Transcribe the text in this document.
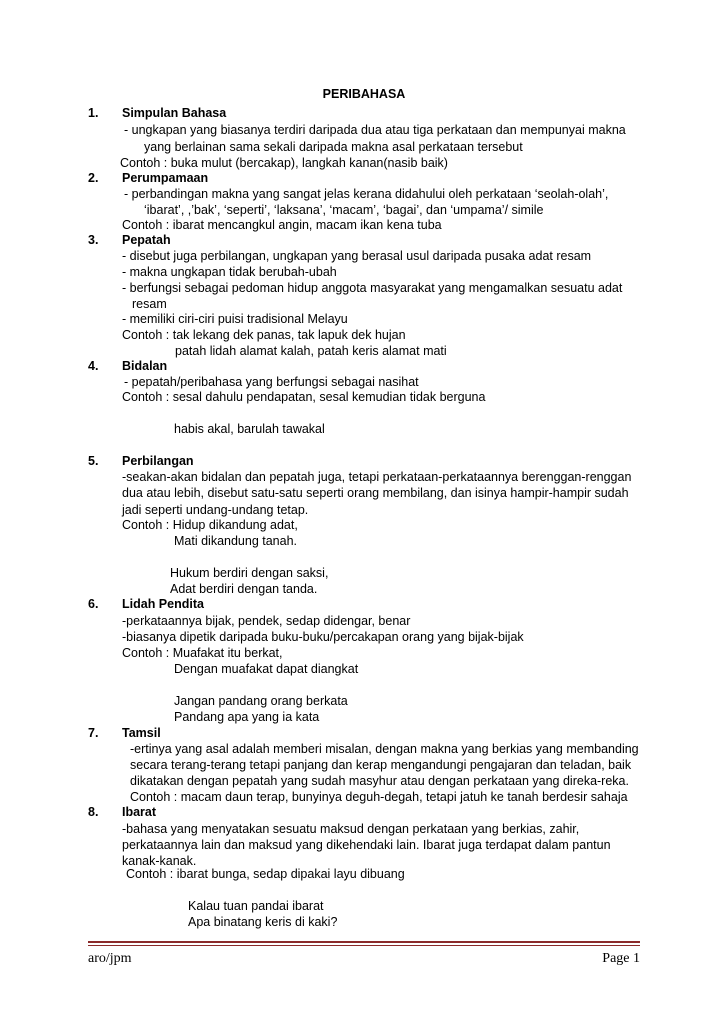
PERIBAHASA
1. Simpulan Bahasa
- ungkapan yang biasanya terdiri daripada dua atau tiga perkataan dan mempunyai makna
yang berlainan sama sekali daripada makna asal perkataan tersebut
Contoh : buka mulut (bercakap), langkah kanan(nasib baik)
2. Perumpamaan
- perbandingan makna yang sangat jelas kerana didahului oleh perkataan ‘seolah-olah’,
‘ibarat’, ,’bak’, ‘seperti’, ‘laksana’, ‘macam’, ‘bagai’, dan ‘umpama’/ simile
Contoh : ibarat mencangkul angin, macam ikan kena tuba
3. Pepatah
- disebut juga perbilangan, ungkapan yang berasal usul daripada pusaka adat resam
- makna ungkapan tidak berubah-ubah
- berfungsi sebagai pedoman hidup anggota masyarakat yang mengamalkan sesuatu adat
resam
- memiliki ciri-ciri puisi tradisional Melayu
Contoh : tak lekang dek panas, tak lapuk dek hujan
patah lidah alamat kalah, patah keris alamat mati
4. Bidalan
- pepatah/peribahasa yang berfungsi sebagai nasihat
Contoh : sesal dahulu pendapatan, sesal kemudian tidak berguna
habis akal, barulah tawakal
5. Perbilangan
-seakan-akan bidalan dan pepatah juga, tetapi perkataan-perkataannya berenggan-renggan
dua atau lebih, disebut satu-satu seperti orang membilang, dan isinya hampir-hampir sudah
jadi seperti undang-undang tetap.
Contoh : Hidup dikandung adat,
Mati dikandung tanah.
Hukum berdiri dengan saksi,
Adat berdiri dengan tanda.
6. Lidah Pendita
-perkataannya bijak, pendek, sedap didengar, benar
-biasanya dipetik daripada buku-buku/percakapan orang yang bijak-bijak
Contoh : Muafakat itu berkat,
Dengan muafakat dapat diangkat
Jangan pandang orang berkata
Pandang apa yang ia kata
7. Tamsil
-ertinya yang asal adalah memberi misalan, dengan makna yang berkias yang membanding
secara terang-terang tetapi panjang dan kerap mengandungi pengajaran dan teladan, baik
dikatakan dengan pepatah yang sudah masyhur atau dengan perkataan yang direka-reka.
Contoh : macam daun terap, bunyinya deguh-degah, tetapi jatuh ke tanah berdesir sahaja
8. Ibarat
-bahasa yang menyatakan sesuatu maksud dengan perkataan yang berkias, zahir,
perkataannya lain dan maksud yang dikehendaki lain. Ibarat juga terdapat dalam pantun
kanak-kanak.
Contoh : ibarat bunga, sedap dipakai layu dibuang
Kalau tuan pandai ibarat
Apa binatang keris di kaki?
aro/jpm	Page 1
